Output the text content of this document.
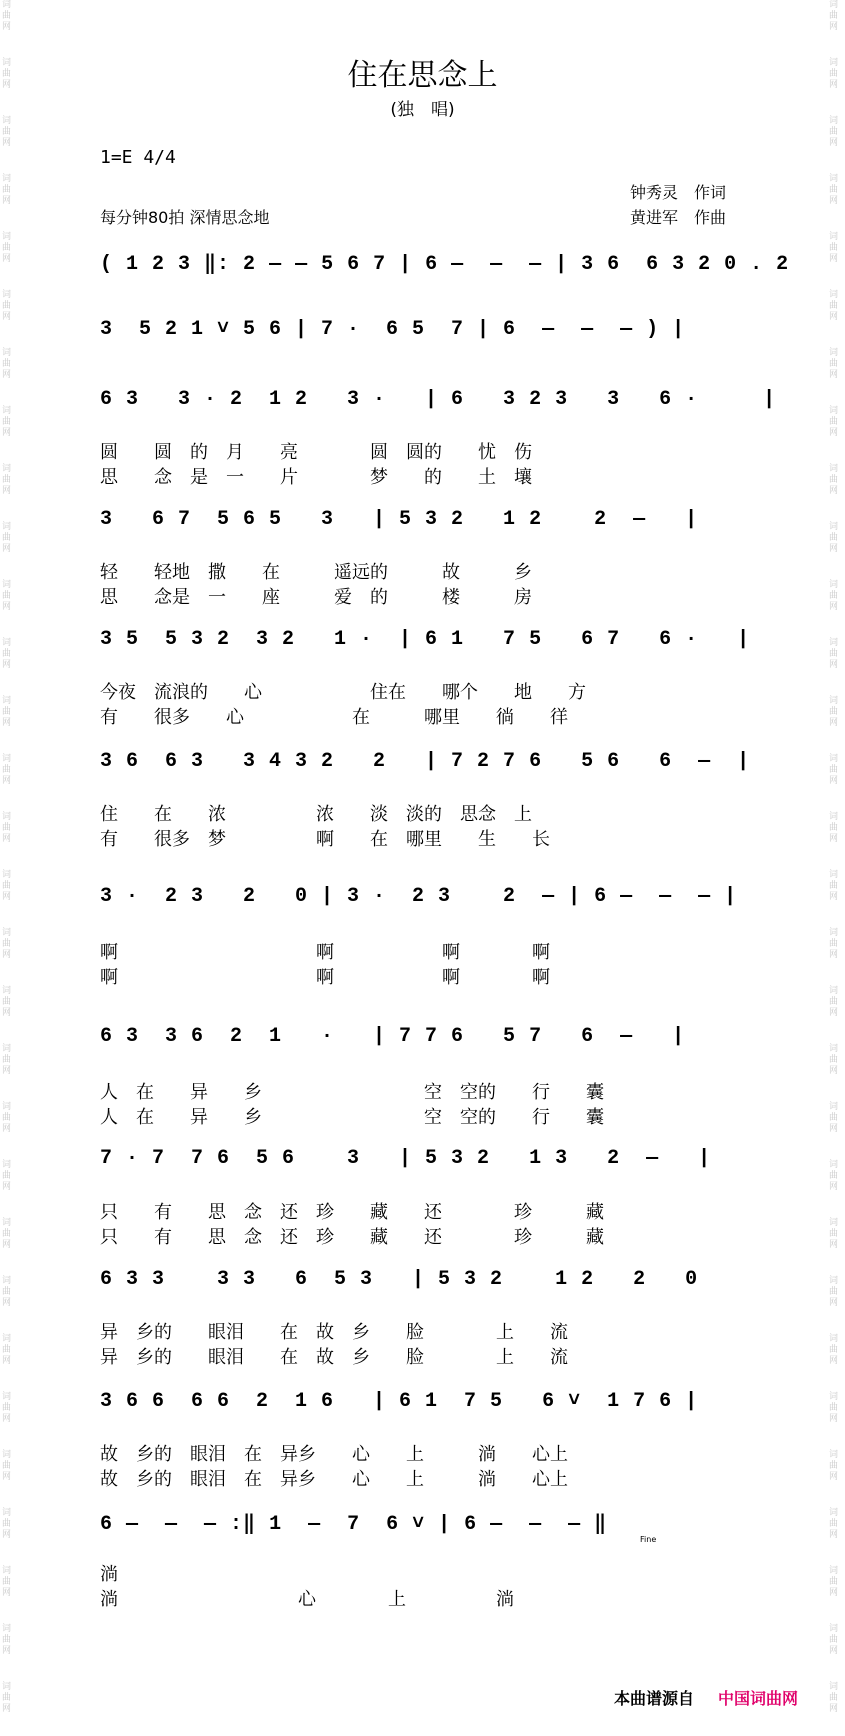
词
曲
网
词
曲
网
词
曲
网
词
曲
网
词
曲
网
词
曲
网
词
曲
网
词
曲
网
词
曲
网
词
曲
网
词
曲
网
词
曲
网
词
曲
网
词
曲
网
词
曲
网
词
曲
网
词
曲
网
词
曲
网
词
曲
网
词
曲
网
词
曲
网
词
曲
网
词
曲
网
词
曲
网
词
曲
网
词
曲
网
词
曲
网
词
曲
网
词
曲
网
词
曲
网
词
曲
网
词
曲
网
词
曲
网
词
曲
网
词
曲
网
词
曲
网
词
曲
网
词
曲
网
词
曲
网
词
曲
网
词
曲
网
词
曲
网
词
曲
网
词
曲
网
词
曲
网
词
曲
网
词
曲
网
词
曲
网
词
曲
网
词
曲
网
词
曲
网
词
曲
网
词
曲
网
词
曲
网
词
曲
网
词
曲
网
词
曲
网
词
曲
网
词
曲
网
词
曲
网
住在思念上
(独　唱)
1=E 4/4
钟秀灵　作词
黄进军　作曲
每分钟80拍 深情思念地
( 1 2 3 ‖: 2 — — 5 6 7 | 6 —  —  — | 3 6  6 3 2 0 . 2
3  5 2 1 ˅ 5 6 | 7 ·  6 5  7 | 6  —  —  — ) |
6 3   3 · 2  1 2   3 ·   | 6   3 2 3   3   6 ·     |
3   6 7  5 6 5   3   | 5 3 2   1 2    2  —   |
3 5  5 3 2  3 2   1 ·  | 6 1   7 5   6 7   6 ·   |
3 6  6 3   3 4 3 2   2   | 7 2 7 6   5 6   6  —  |
3 ·  2 3   2   0 | 3 ·  2 3    2  — | 6 —  —  — |
6 3  3 6  2  1   ·   | 7 7 6   5 7   6  —   |
7 · 7  7 6  5 6    3   | 5 3 2   1 3   2  —   |
6 3 3    3 3   6  5 3   | 5 3 2    1 2   2   0
3 6 6  6 6  2  1 6   | 6 1  7 5   6 ˅  1 7 6 |
6 —  —  — :‖ 1  —  7  6 ˅ | 6 —  —  — ‖
圆　　圆　的　月　　亮　　　　圆　圆的　　忧　伤
思　　念　是　一　　片　　　　梦　　的　　土　壤
轻　　轻地　撒　　在　　　遥远的　　　故　　　乡
思　　念是　一　　座　　　爱　的　　　楼　　　房
今夜　流浪的　　心　　　　　　住在　　哪个　　地　　方
有　　很多　　心　　　　　　在　　　哪里　　徜　　徉
住　　在　　浓　　　　　浓　　淡　淡的　思念　上
有　　很多　梦　　　　　啊　　在　哪里　　生　　长
啊　　　　　　　　　　　啊　　　　　　啊　　　　啊
啊　　　　　　　　　　　啊　　　　　　啊　　　　啊
人　在　　异　　乡　　　　　　　　　空　空的　　行　　囊
人　在　　异　　乡　　　　　　　　　空　空的　　行　　囊
只　　有　　思　念　还　珍　　藏　　还　　　　珍　　　藏
只　　有　　思　念　还　珍　　藏　　还　　　　珍　　　藏
异　乡的　　眼泪　　在　故　乡　　脸　　　　上　　流
异　乡的　　眼泪　　在　故　乡　　脸　　　　上　　流
故　乡的　眼泪　在　异乡　　心　　上　　　淌　　心上
故　乡的　眼泪　在　异乡　　心　　上　　　淌　　心上
淌
淌　　　　　　　　　　心　　　　上　　　　　淌
Fine
本曲谱源自 中国词曲网
